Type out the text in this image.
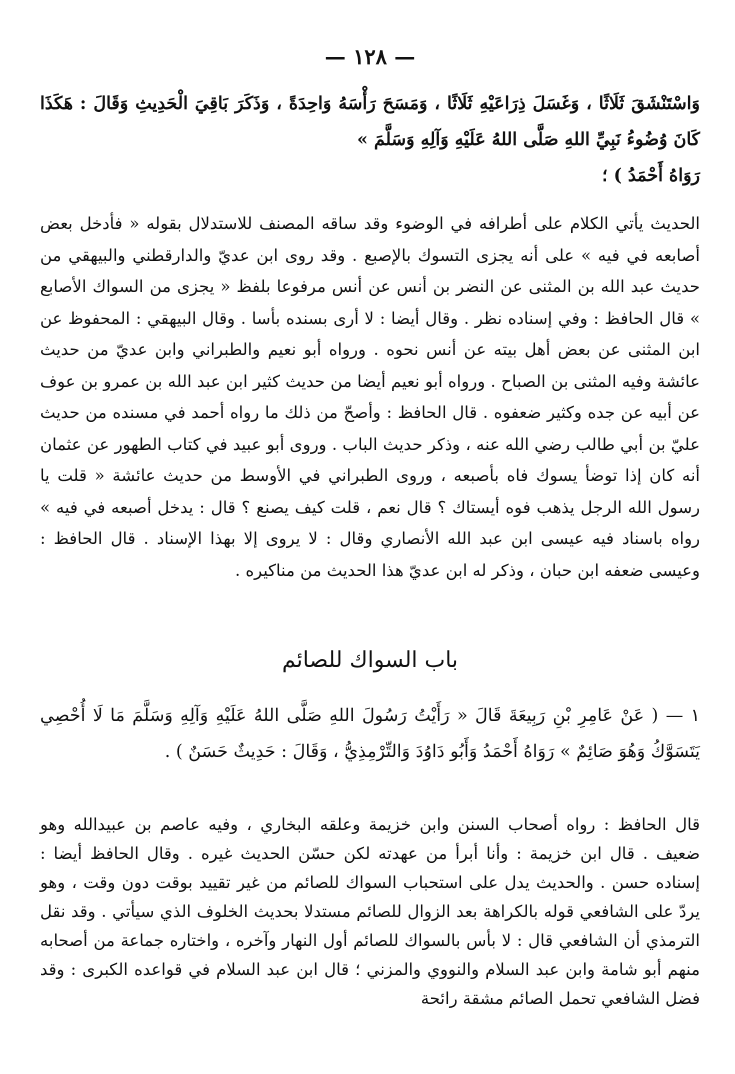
— ١٢٨ —

وَاسْتَنْشَقَ ثَلَاثًا ، وَغَسَلَ ذِرَاعَيْهِ ثَلَاثًا ، وَمَسَحَ رَأْسَهُ وَاحِدَةً ، وَذَكَرَ بَاقِيَ الْحَدِيثِ وَقَالَ : هَكَذَا كَانَ وُضُوءُ نَبِيِّ اللهِ صَلَّى اللهُ عَلَيْهِ وَآلِهِ وَسَلَّمَ »

رَوَاهُ أَحْمَدُ ) ؛

الحديث يأتي الكلام على أطرافه في الوضوء وقد ساقه المصنف للاستدلال بقوله « فأدخل بعض أصابعه في فيه » على أنه يجزى التسوك بالإصبع . وقد روى ابن عديّ والدارقطني والبيهقي من حديث عبد الله بن المثنى عن النضر بن أنس عن أنس مرفوعا بلفظ « يجزى من السواك الأصابع » قال الحافظ : وفي إسناده نظر . وقال أيضا : لا أرى بسنده بأسا . وقال البيهقي : المحفوظ عن ابن المثنى عن بعض أهل بيته عن أنس نحوه . ورواه أبو نعيم والطبراني وابن عديّ من حديث عائشة وفيه المثنى بن الصباح . ورواه أبو نعيم أيضا من حديث كثير ابن عبد الله بن عمرو بن عوف عن أبيه عن جده وكثير ضعفوه . قال الحافظ : وأصحّ من ذلك ما رواه أحمد في مسنده من حديث عليّ بن أبي طالب رضي الله عنه ، وذكر حديث الباب . وروى أبو عبيد في كتاب الطهور عن عثمان أنه كان إذا توضأ يسوك فاه بأصبعه ، وروى الطبراني في الأوسط من حديث عائشة « قلت يا رسول الله الرجل يذهب فوه أيستاك ؟ قال نعم ، قلت كيف يصنع ؟ قال : يدخل أصبعه في فيه » رواه باسناد فيه عيسى ابن عبد الله الأنصاري وقال : لا يروى إلا بهذا الإسناد . قال الحافظ : وعيسى ضعفه ابن حبان ، وذكر له ابن عديّ هذا الحديث من مناكيره .

باب السواك للصائم

١ — ( عَنْ عَامِرِ بْنِ رَبِيعَةَ قَالَ « رَأَيْتُ رَسُولَ اللهِ صَلَّى اللهُ عَلَيْهِ وَآلِهِ وَسَلَّمَ مَا لَا أُحْصِي يَتَسَوَّكُ وَهُوَ صَائِمٌ » رَوَاهُ أَحْمَدُ وَأَبُو دَاوُدَ وَالتِّرْمِذِيُّ ، وَقَالَ : حَدِيثٌ حَسَنٌ ) .

قال الحافظ : رواه أصحاب السنن وابن خزيمة وعلقه البخاري ، وفيه عاصم بن عبيدالله وهو ضعيف . قال ابن خزيمة : وأنا أبرأ من عهدته لكن حسّن الحديث غيره . وقال الحافظ أيضا : إسناده حسن . والحديث يدل على استحباب السواك للصائم من غير تقييد بوقت دون وقت ، وهو يردّ على الشافعي قوله بالكراهة بعد الزوال للصائم مستدلا بحديث الخلوف الذي سيأتي . وقد نقل الترمذي أن الشافعي قال : لا بأس بالسواك للصائم أول النهار وآخره ، واختاره جماعة من أصحابه منهم أبو شامة وابن عبد السلام والنووي والمزني ؛ قال ابن عبد السلام في قواعده الكبرى : وقد فضل الشافعي تحمل الصائم مشقة رائحة
